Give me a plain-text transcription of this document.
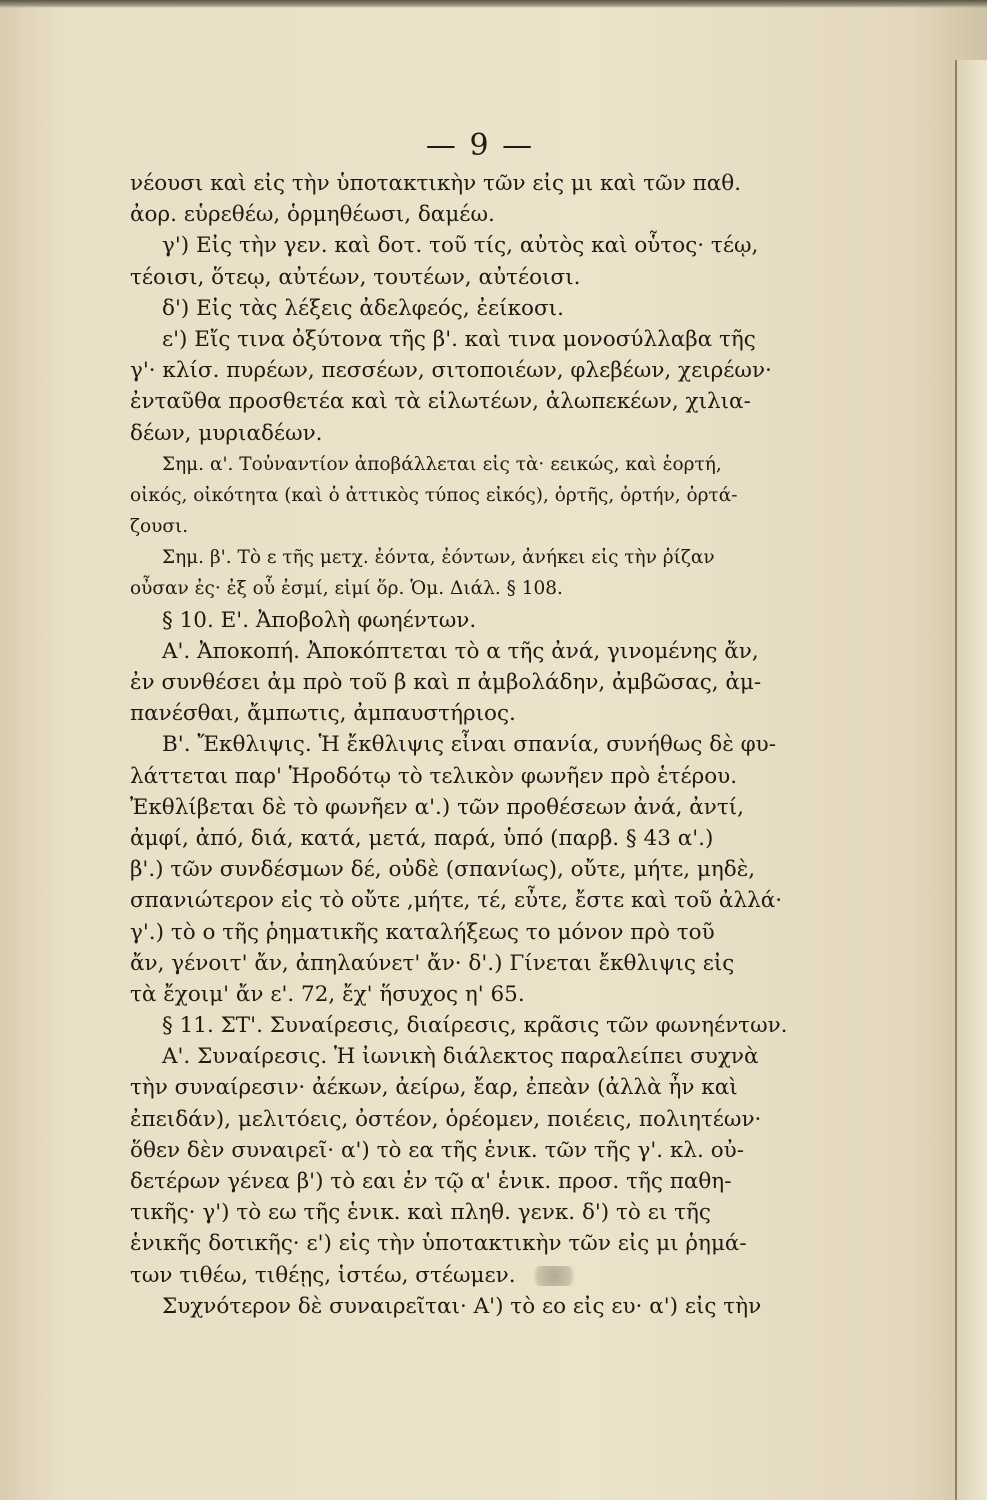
— 9 —
νέουσι καὶ εἰς τὴν ὑποτακτικὴν τῶν εἰς μι καὶ τῶν παθ.
ἀορ. εὑρεθέω, ὁρμηθέωσι, δαμέω.
γ') Εἰς τὴν γεν. καὶ δοτ. τοῦ τίς, αὐτὸς καὶ οὗτος· τέῳ,
τέοισι, ὅτεῳ, αὐτέων, τουτέων, αὐτέοισι.
δ') Εἰς τὰς λέξεις ἀδελφεός, ἐείκοσι.
ε') Εἴς τινα ὀξύτονα τῆς β'. καὶ τινα μονοσύλλαβα τῆς
γ'· κλίσ. πυρέων, πεσσέων, σιτοποιέων, φλεβέων, χειρέων·
ἐνταῦθα προσθετέα καὶ τὰ εἱλωτέων, ἀλωπεκέων, χιλια-
δέων, μυριαδέων.
Σημ. α'. Τοὐναντίον ἀποβάλλεται εἰς τὰ· εεικώς, καὶ ἑορτή,
οἰκός, οἰκότητα (καὶ ὁ ἀττικὸς τύπος εἰκός), ὁρτῆς, ὁρτήν, ὁρτά-
ζουσι.
Σημ. β'. Τὸ ε τῆς μετχ. ἐόντα, ἐόντων, ἀνήκει εἰς τὴν ῥίζαν
οὖσαν ἐς· ἐξ οὗ ἐσμί, εἰμί ὅρ. Ὁμ. Διάλ. § 108.
§ 10. Ε'. Ἀποβολὴ φωηέντων.
Α'. Ἀποκοπή. Ἀποκόπτεται τὸ α τῆς ἀνά, γινομένης ἄν,
ἐν συνθέσει ἀμ πρὸ τοῦ β καὶ π ἀμβολάδην, ἀμβῶσας, ἀμ-
πανέσθαι, ἄμπωτις, ἀμπαυστήριος.
Β'. Ἔκθλιψις. Ἡ ἔκθλιψις εἶναι σπανία, συνήθως δὲ φυ-
λάττεται παρ' Ἡροδότῳ τὸ τελικὸν φωνῆεν πρὸ ἑτέρου.
Ἐκθλίβεται δὲ τὸ φωνῆεν α'.) τῶν προθέσεων ἀνά, ἀντί,
ἀμφί, ἀπό, διά, κατά, μετά, παρά, ὑπό (παρβ. § 43 α'.)
β'.) τῶν συνδέσμων δέ, οὐδὲ (σπανίως), οὔτε, μήτε, μηδὲ,
σπανιώτερον εἰς τὸ οὔτε ,μήτε, τέ, εὖτε, ἔστε καὶ τοῦ ἀλλά·
γ'.) τὸ ο τῆς ῥηματικῆς καταλήξεως το μόνον πρὸ τοῦ
ἄν, γένοιτ' ἄν, ἀπηλαύνετ' ἄν· δ'.) Γίνεται ἔκθλιψις εἰς
τὰ ἔχοιμ' ἄν ε'. 72, ἔχ' ἥσυχος η' 65.
§ 11. ΣΤ'. Συναίρεσις, διαίρεσις, κρᾶσις τῶν φωνηέντων.
Α'. Συναίρεσις. Ἡ ἰωνικὴ διάλεκτος παραλείπει συχνὰ
τὴν συναίρεσιν· ἀέκων, ἀείρω, ἔαρ, ἐπεὰν (ἀλλὰ ἦν καὶ
ἐπειδάν), μελιτόεις, ὀστέον, ὁρέομεν, ποιέεις, πολιητέων·
ὅθεν δὲν συναιρεῖ· α') τὸ εα τῆς ἑνικ. τῶν τῆς γ'. κλ. οὐ-
δετέρων γένεα β') τὸ εαι ἐν τῷ α' ἑνικ. προσ. τῆς παθη-
τικῆς· γ') τὸ εω τῆς ἑνικ. καὶ πληθ. γενκ. δ') τὸ ει τῆς
ἑνικῆς δοτικῆς· ε') εἰς τὴν ὑποτακτικὴν τῶν εἰς μι ῥημά-
των τιθέω, τιθέῃς, ἱστέω, στέωμεν.
Συχνότερον δὲ συναιρεῖται· Α') τὸ εο εἰς ευ· α') εἰς τὴν
